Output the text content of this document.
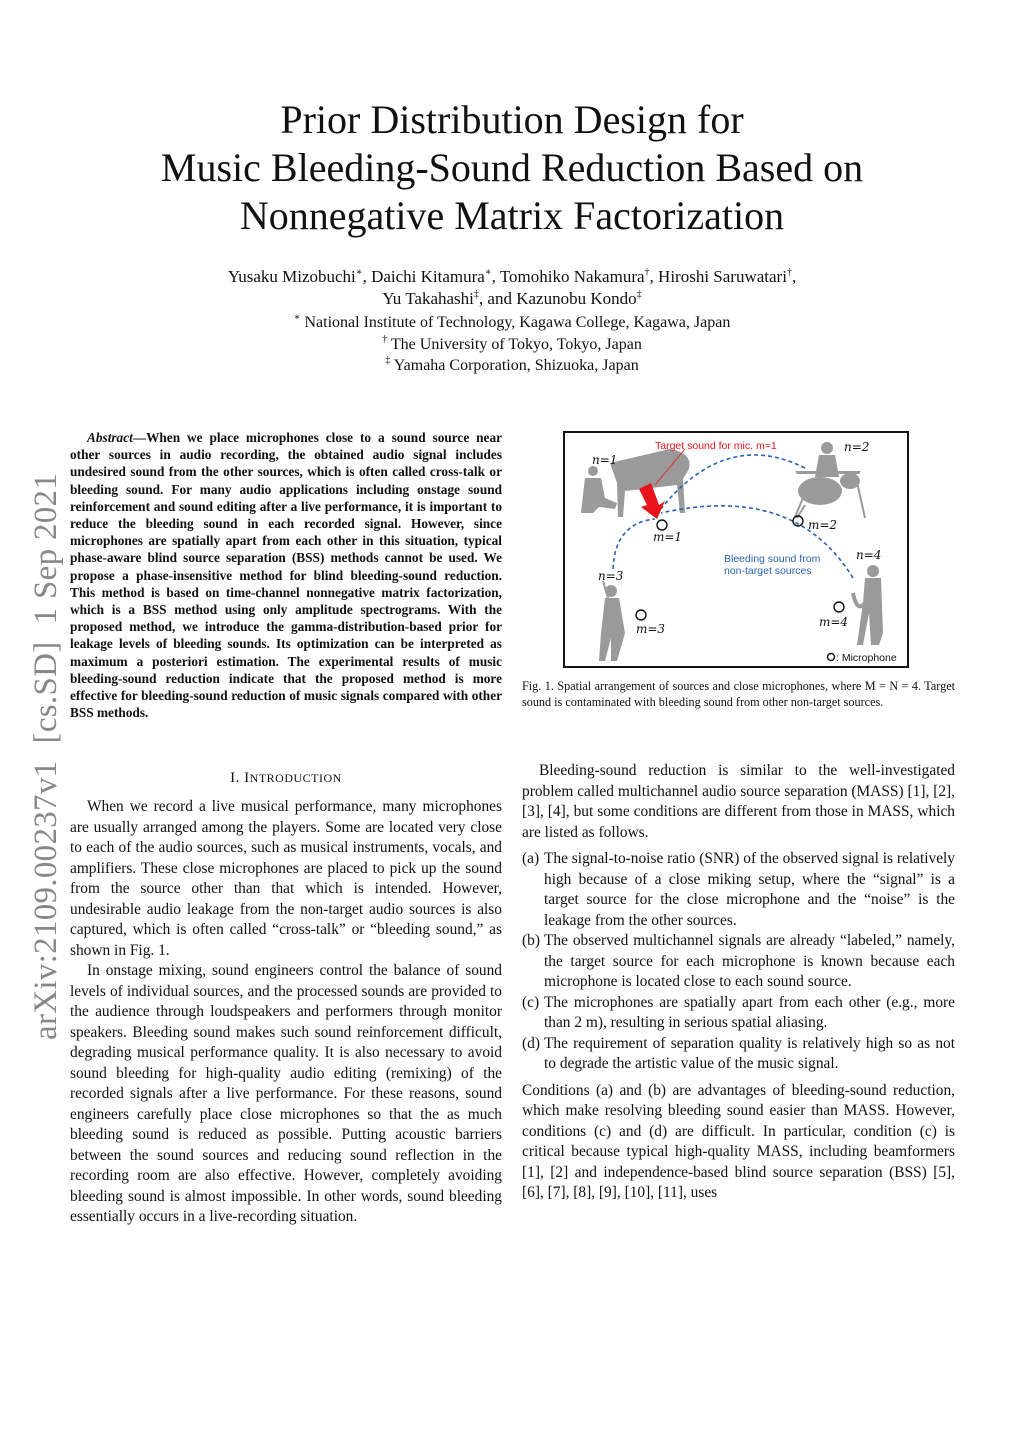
Prior Distribution Design for
Music Bleeding-Sound Reduction Based on
Nonnegative Matrix Factorization
Yusaku Mizobuchi∗, Daichi Kitamura∗, Tomohiko Nakamura†, Hiroshi Saruwatari†,
Yu Takahashi‡, and Kazunobu Kondo‡
∗ National Institute of Technology, Kagawa College, Kagawa, Japan
† The University of Tokyo, Tokyo, Japan
‡ Yamaha Corporation, Shizuoka, Japan
arXiv:2109.00237v1  [cs.SD]  1 Sep 2021

Abstract—When we place microphones close to a sound source near other sources in audio recording, the obtained audio signal includes undesired sound from the other sources, which is often called cross-talk or bleeding sound. For many audio applications including onstage sound reinforcement and sound editing after a live performance, it is important to reduce the bleeding sound in each recorded signal. However, since microphones are spatially apart from each other in this situation, typical phase-aware blind source separation (BSS) methods cannot be used. We propose a phase-insensitive method for blind bleeding-sound reduction. This method is based on time-channel nonnegative matrix factorization, which is a BSS method using only amplitude spectrograms. With the proposed method, we introduce the gamma-distribution-based prior for leakage levels of bleeding sounds. Its optimization can be interpreted as maximum a posteriori estimation. The experimental results of music bleeding-sound reduction indicate that the proposed method is more effective for bleeding-sound reduction of music signals compared with other BSS methods.

I. INTRODUCTION

When we record a live musical performance, many microphones are usually arranged among the players. Some are located very close to each of the audio sources, such as musical instruments, vocals, and amplifiers. These close microphones are placed to pick up the sound from the source other than that which is intended. However, undesirable audio leakage from the non-target audio sources is also captured, which is often called “cross-talk” or “bleeding sound,” as shown in Fig. 1.

In onstage mixing, sound engineers control the balance of sound levels of individual sources, and the processed sounds are provided to the audience through loudspeakers and performers through monitor speakers. Bleeding sound makes such sound reinforcement difficult, degrading musical performance quality. It is also necessary to avoid sound bleeding for high-quality audio editing (remixing) of the recorded signals after a live performance. For these reasons, sound engineers carefully place close microphones so that the as much bleeding sound is reduced as possible. Putting acoustic barriers between the sound sources and reducing sound reflection in the recording room are also effective. However, completely avoiding bleeding sound is almost impossible. In other words, sound bleeding essentially occurs in a live-recording situation.

Target sound for mic. m=1
Bleeding sound from
non-target sources
n=1
n=2
n=3
n=4
m=1
m=2
m=3	m=4
: Microphone
Fig. 1. Spatial arrangement of sources and close microphones, where M = N = 4. Target sound is contaminated with bleeding sound from other non-target sources.

Bleeding-sound reduction is similar to the well-investigated problem called multichannel audio source separation (MASS) [1], [2], [3], [4], but some conditions are different from those in MASS, which are listed as follows.

(a) The signal-to-noise ratio (SNR) of the observed signal is relatively high because of a close miking setup, where the “signal” is a target source for the close microphone and the “noise” is the leakage from the other sources.
(b) The observed multichannel signals are already “labeled,” namely, the target source for each microphone is known because each microphone is located close to each sound source.
(c) The microphones are spatially apart from each other (e.g., more than 2 m), resulting in serious spatial aliasing.
(d) The requirement of separation quality is relatively high so as not to degrade the artistic value of the music signal.

Conditions (a) and (b) are advantages of bleeding-sound reduction, which make resolving bleeding sound easier than MASS. However, conditions (c) and (d) are difficult. In particular, condition (c) is critical because typical high-quality MASS, including beamformers [1], [2] and independence-based blind source separation (BSS) [5], [6], [7], [8], [9], [10], [11], uses
